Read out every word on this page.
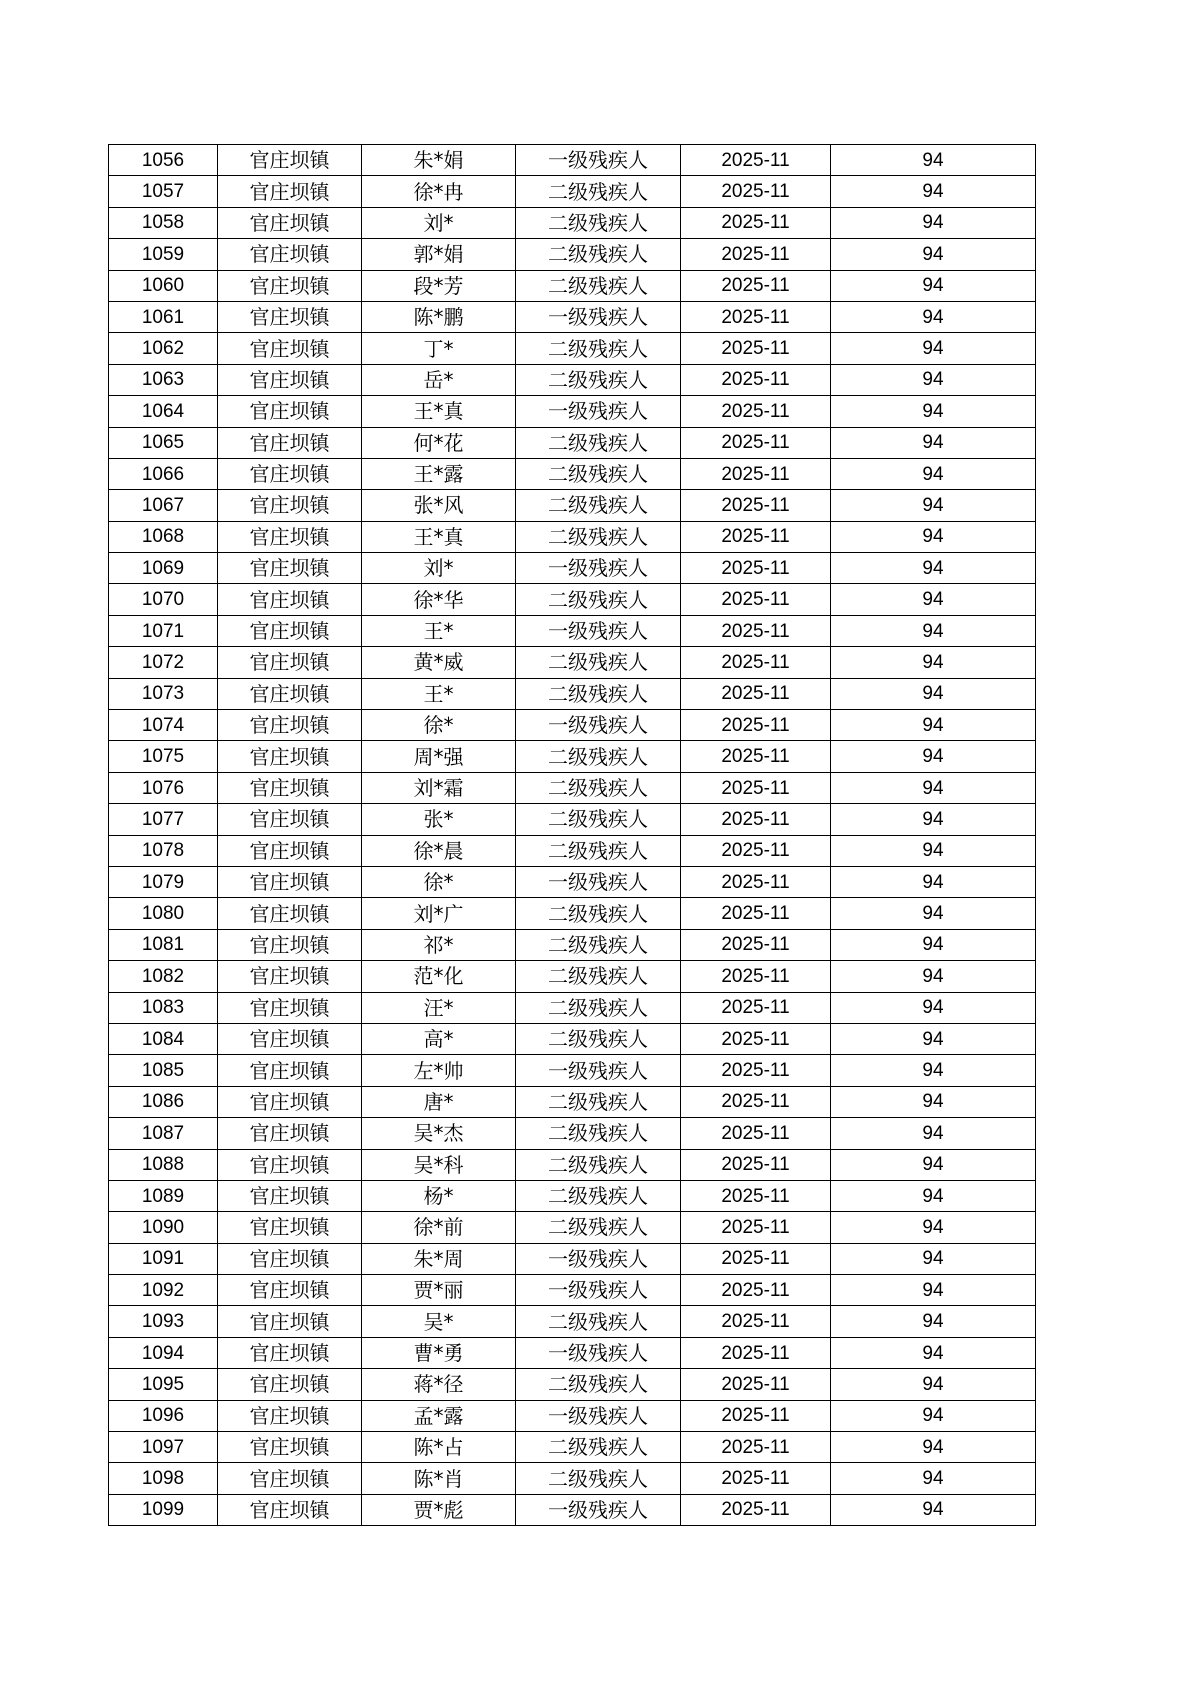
1056	官庄坝镇	朱*娟	一级残疾人	2025-11	94
1057	官庄坝镇	徐*冉	二级残疾人	2025-11	94
1058	官庄坝镇	刘*	二级残疾人	2025-11	94
1059	官庄坝镇	郭*娟	二级残疾人	2025-11	94
1060	官庄坝镇	段*芳	二级残疾人	2025-11	94
1061	官庄坝镇	陈*鹏	一级残疾人	2025-11	94
1062	官庄坝镇	丁*	二级残疾人	2025-11	94
1063	官庄坝镇	岳*	二级残疾人	2025-11	94
1064	官庄坝镇	王*真	一级残疾人	2025-11	94
1065	官庄坝镇	何*花	二级残疾人	2025-11	94
1066	官庄坝镇	王*露	二级残疾人	2025-11	94
1067	官庄坝镇	张*风	二级残疾人	2025-11	94
1068	官庄坝镇	王*真	二级残疾人	2025-11	94
1069	官庄坝镇	刘*	一级残疾人	2025-11	94
1070	官庄坝镇	徐*华	二级残疾人	2025-11	94
1071	官庄坝镇	王*	一级残疾人	2025-11	94
1072	官庄坝镇	黄*威	二级残疾人	2025-11	94
1073	官庄坝镇	王*	二级残疾人	2025-11	94
1074	官庄坝镇	徐*	一级残疾人	2025-11	94
1075	官庄坝镇	周*强	二级残疾人	2025-11	94
1076	官庄坝镇	刘*霜	二级残疾人	2025-11	94
1077	官庄坝镇	张*	二级残疾人	2025-11	94
1078	官庄坝镇	徐*晨	二级残疾人	2025-11	94
1079	官庄坝镇	徐*	一级残疾人	2025-11	94
1080	官庄坝镇	刘*广	二级残疾人	2025-11	94
1081	官庄坝镇	祁*	二级残疾人	2025-11	94
1082	官庄坝镇	范*化	二级残疾人	2025-11	94
1083	官庄坝镇	汪*	二级残疾人	2025-11	94
1084	官庄坝镇	高*	二级残疾人	2025-11	94
1085	官庄坝镇	左*帅	一级残疾人	2025-11	94
1086	官庄坝镇	唐*	二级残疾人	2025-11	94
1087	官庄坝镇	吴*杰	二级残疾人	2025-11	94
1088	官庄坝镇	吴*科	二级残疾人	2025-11	94
1089	官庄坝镇	杨*	二级残疾人	2025-11	94
1090	官庄坝镇	徐*前	二级残疾人	2025-11	94
1091	官庄坝镇	朱*周	一级残疾人	2025-11	94
1092	官庄坝镇	贾*丽	一级残疾人	2025-11	94
1093	官庄坝镇	吴*	二级残疾人	2025-11	94
1094	官庄坝镇	曹*勇	一级残疾人	2025-11	94
1095	官庄坝镇	蒋*径	二级残疾人	2025-11	94
1096	官庄坝镇	孟*露	一级残疾人	2025-11	94
1097	官庄坝镇	陈*占	二级残疾人	2025-11	94
1098	官庄坝镇	陈*肖	二级残疾人	2025-11	94
1099	官庄坝镇	贾*彪	一级残疾人	2025-11	94
